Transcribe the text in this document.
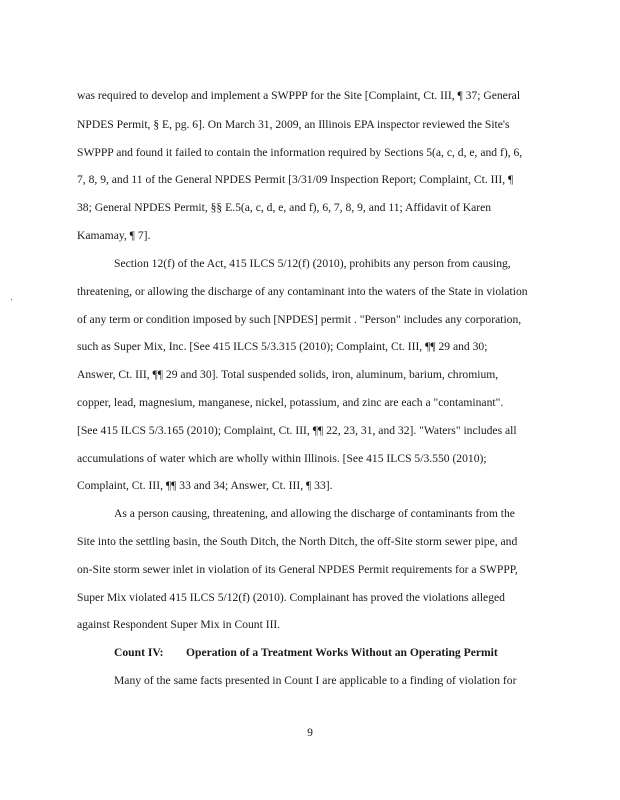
was required to develop and implement a SWPPP for the Site [Complaint, Ct. III, ¶ 37; General
NPDES Permit, § E, pg. 6]. On March 31, 2009, an Illinois EPA inspector reviewed the Site's
SWPPP and found it failed to contain the information required by Sections 5(a, c, d, e, and f), 6,
7, 8, 9, and 11 of the General NPDES Permit [3/31/09 Inspection Report; Complaint, Ct. III, ¶
38; General NPDES Permit, §§ E.5(a, c, d, e, and f), 6, 7, 8, 9, and 11; Affidavit of Karen
Kamamay, ¶ 7].
Section 12(f) of the Act, 415 ILCS 5/12(f) (2010), prohibits any person from causing,
threatening, or allowing the discharge of any contaminant into the waters of the State in violation
of any term or condition imposed by such [NPDES] permit . "Person" includes any corporation,
such as Super Mix, Inc. [See 415 ILCS 5/3.315 (2010); Complaint, Ct. III, ¶¶ 29 and 30;
Answer, Ct. III, ¶¶ 29 and 30]. Total suspended solids, iron, aluminum, barium, chromium,
copper, lead, magnesium, manganese, nickel, potassium, and zinc are each a "contaminant".
[See 415 ILCS 5/3.165 (2010); Complaint, Ct. III, ¶¶ 22, 23, 31, and 32]. "Waters" includes all
accumulations of water which are wholly within Illinois. [See 415 ILCS 5/3.550 (2010);
Complaint, Ct. III, ¶¶ 33 and 34; Answer, Ct. III, ¶ 33].
As a person causing, threatening, and allowing the discharge of contaminants from the
Site into the settling basin, the South Ditch, the North Ditch, the off-Site storm sewer pipe, and
on-Site storm sewer inlet in violation of its General NPDES Permit requirements for a SWPPP,
Super Mix violated 415 ILCS 5/12(f) (2010). Complainant has proved the violations alleged
against Respondent Super Mix in Count III.
Count IV: Operation of a Treatment Works Without an Operating Permit
Many of the same facts presented in Count I are applicable to a finding of violation for
9
